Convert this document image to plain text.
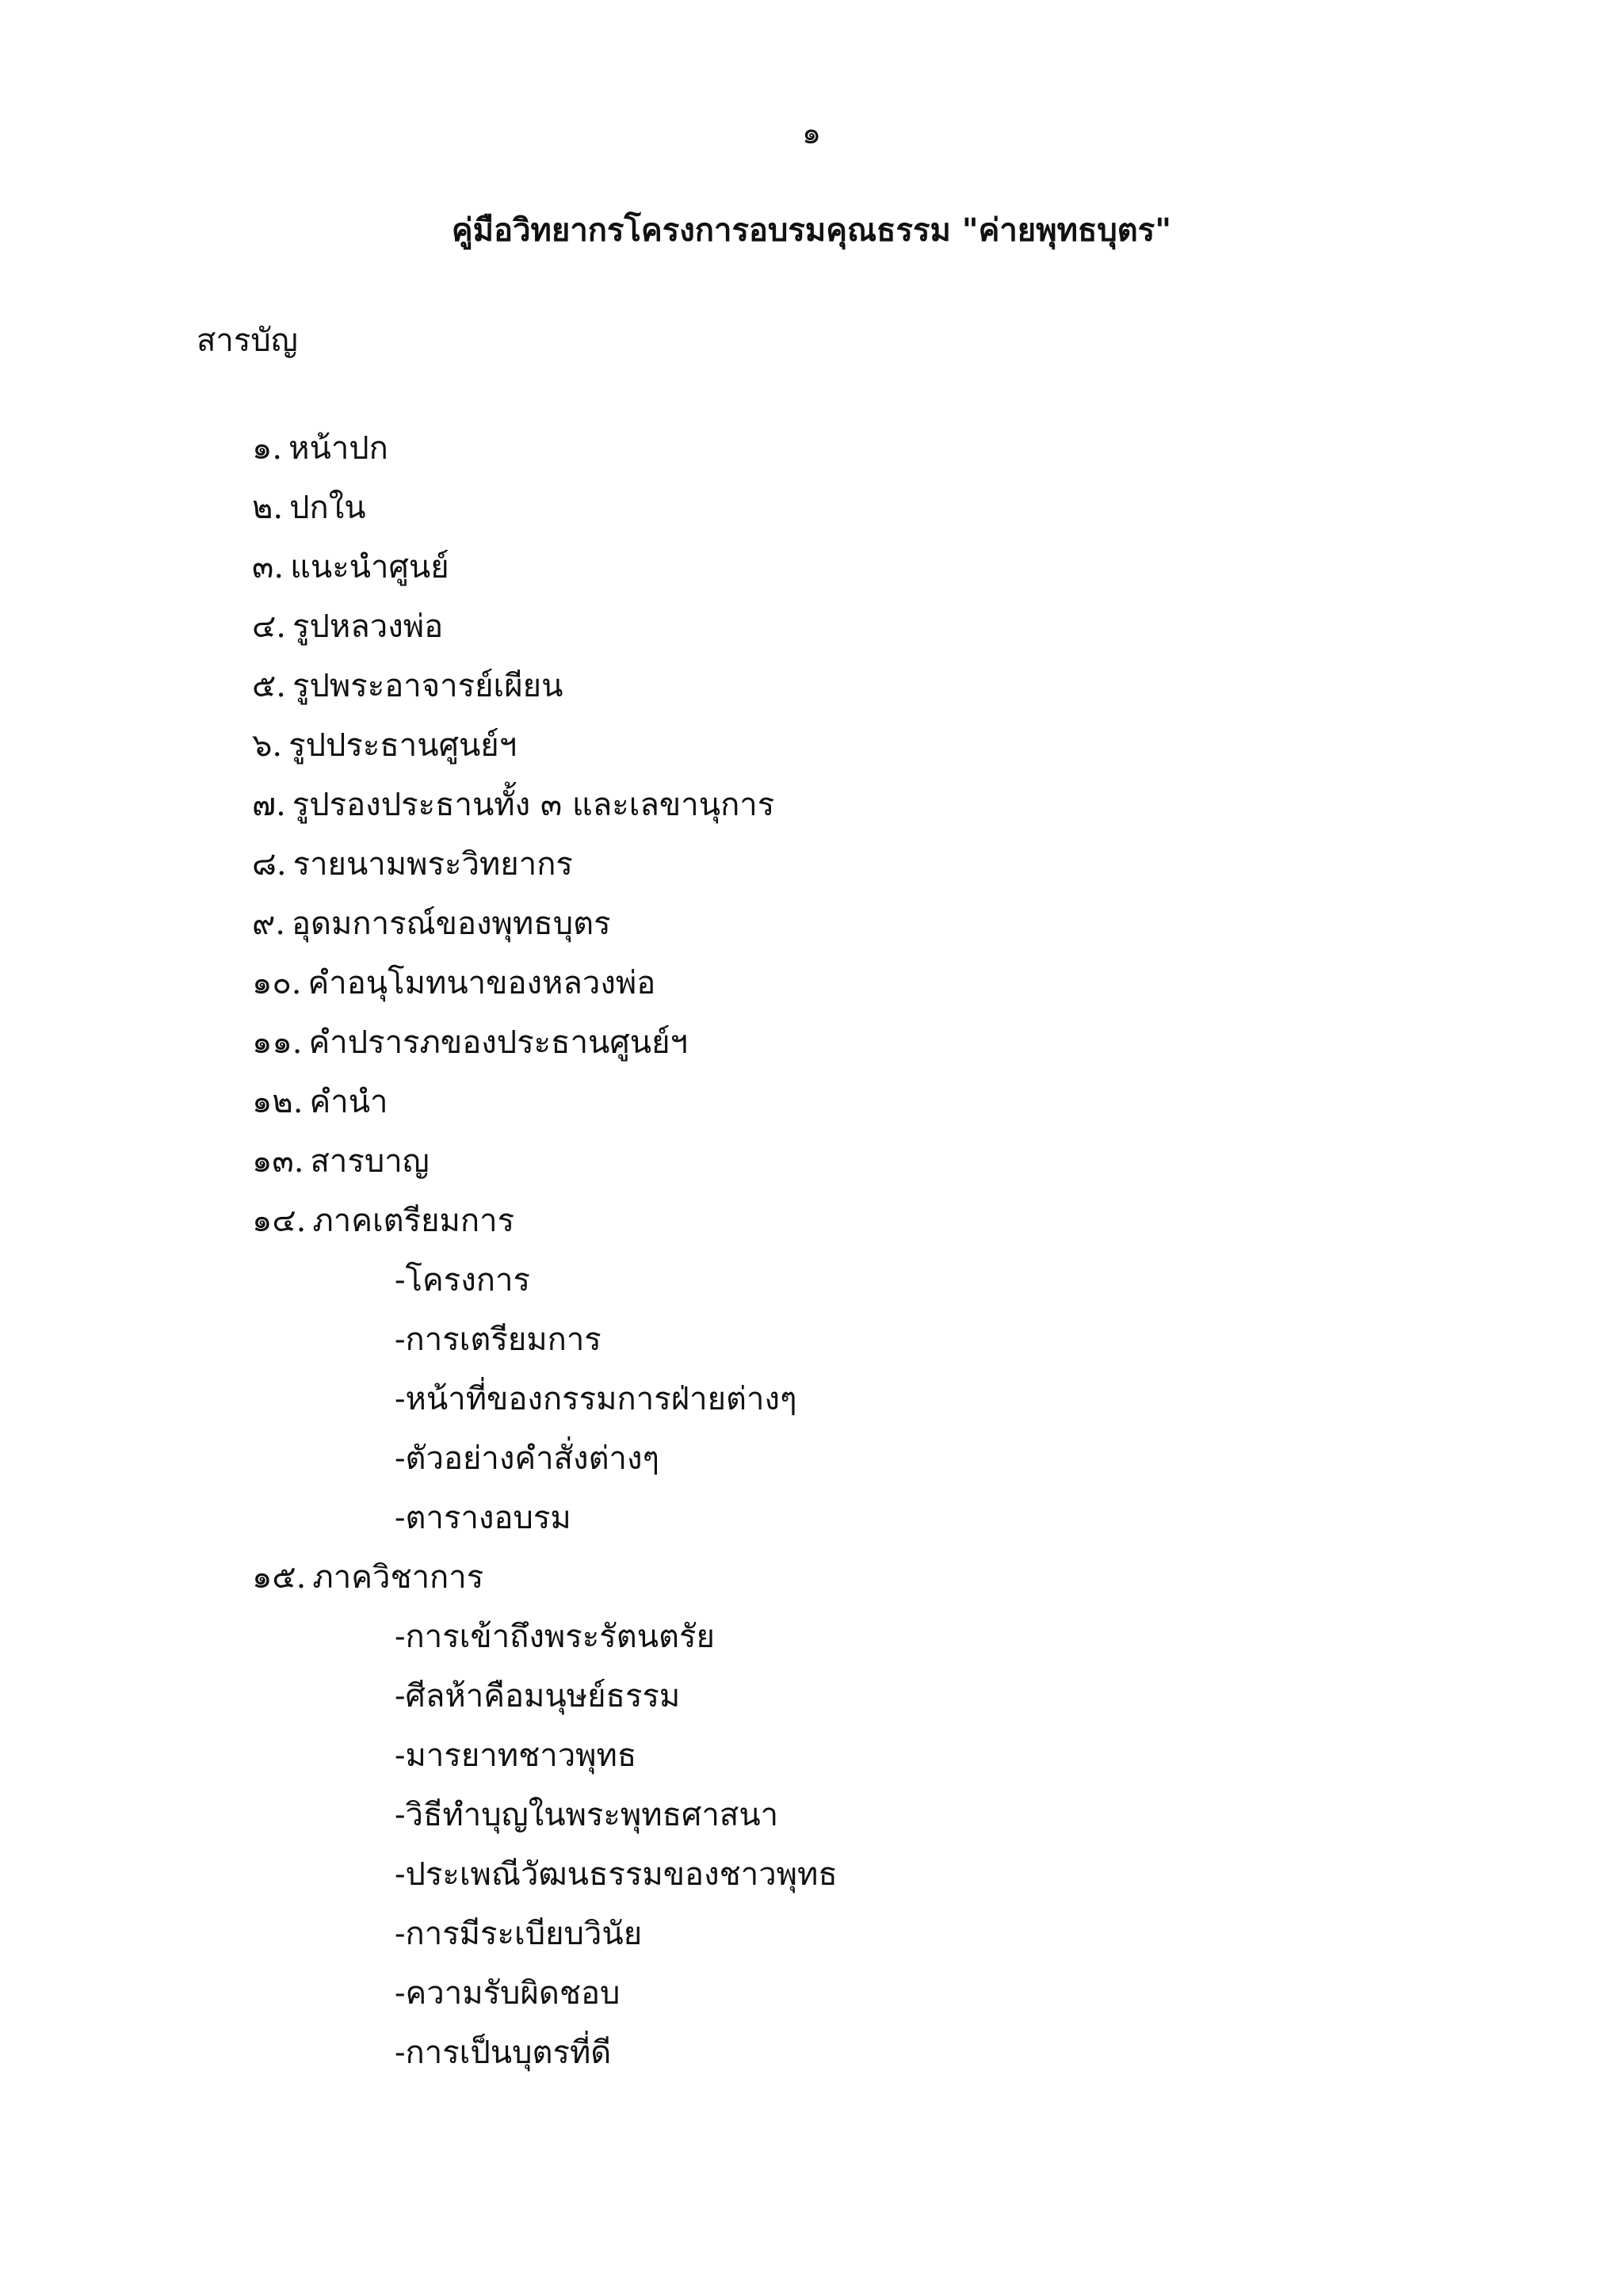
๑
คู่มือวิทยากรโครงการอบรมคุณธรรม "ค่ายพุทธบุตร"
สารบัญ
๑. หน้าปก
๒. ปกใน
๓. แนะนำศูนย์
๔. รูปหลวงพ่อ
๕. รูปพระอาจารย์เผียน
๖. รูปประธานศูนย์ฯ
๗. รูปรองประธานทั้ง ๓ และเลขานุการ
๘. รายนามพระวิทยากร
๙. อุดมการณ์ของพุทธบุตร
๑๐. คำอนุโมทนาของหลวงพ่อ
๑๑. คำปรารภของประธานศูนย์ฯ
๑๒. คำนำ
๑๓. สารบาญ
๑๔. ภาคเตรียมการ
-โครงการ
-การเตรียมการ
-หน้าที่ของกรรมการฝ่ายต่างๆ
-ตัวอย่างคำสั่งต่างๆ
-ตารางอบรม
๑๕. ภาควิชาการ
-การเข้าถึงพระรัตนตรัย
-ศีลห้าคือมนุษย์ธรรม
-มารยาทชาวพุทธ
-วิธีทำบุญในพระพุทธศาสนา
-ประเพณีวัฒนธรรมของชาวพุทธ
-การมีระเบียบวินัย
-ความรับผิดชอบ
-การเป็นบุตรที่ดี
